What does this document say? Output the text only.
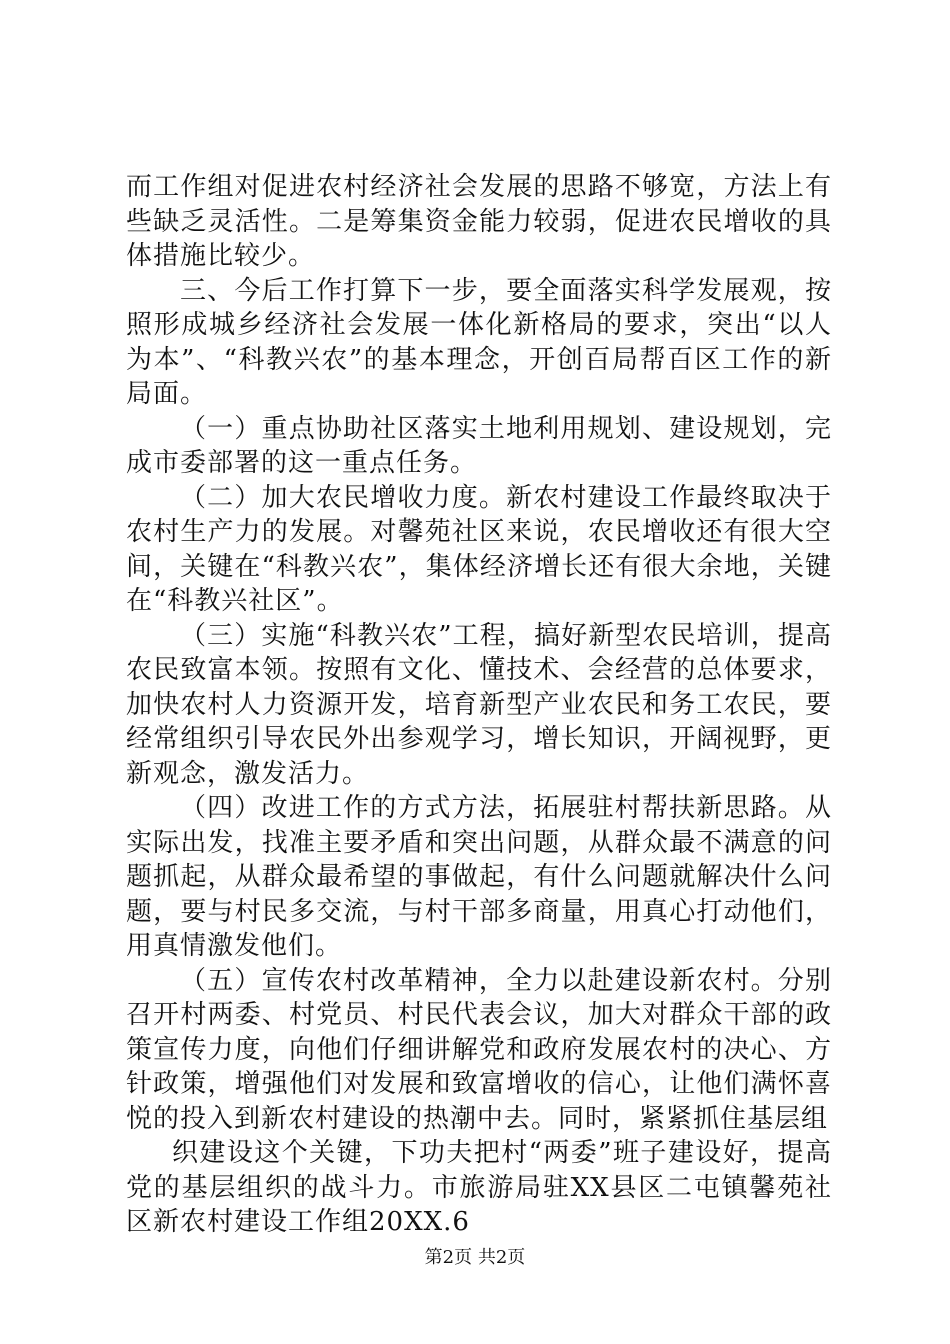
而工作组对促进农村经济社会发展的思路不够宽，方法上有些缺乏灵活性。二是筹集资金能力较弱，促进农民增收的具体措施比较少。

三、今后工作打算下一步，要全面落实科学发展观，按照形成城乡经济社会发展一体化新格局的要求，突出“以人为本”、“科教兴农”的基本理念，开创百局帮百区工作的新局面。

（一）重点协助社区落实土地利用规划、建设规划，完成市委部署的这一重点任务。

（二）加大农民增收力度。新农村建设工作最终取决于农村生产力的发展。对馨苑社区来说，农民增收还有很大空间，关键在“科教兴农”，集体经济增长还有很大余地，关键在“科教兴社区”。

（三）实施“科教兴农”工程，搞好新型农民培训，提高农民致富本领。按照有文化、懂技术、会经营的总体要求，加快农村人力资源开发，培育新型产业农民和务工农民，要经常组织引导农民外出参观学习，增长知识，开阔视野，更新观念，激发活力。

（四）改进工作的方式方法，拓展驻村帮扶新思路。从实际出发，找准主要矛盾和突出问题，从群众最不满意的问题抓起，从群众最希望的事做起，有什么问题就解决什么问题，要与村民多交流，与村干部多商量，用真心打动他们，用真情激发他们。

（五）宣传农村改革精神，全力以赴建设新农村。分别召开村两委、村党员、村民代表会议，加大对群众干部的政策宣传力度，向他们仔细讲解党和政府发展农村的决心、方针政策，增强他们对发展和致富增收的信心，让他们满怀喜悦的投入到新农村建设的热潮中去。同时，紧紧抓住基层组

织建设这个关键，下功夫把村“两委”班子建设好，提高党的基层组织的战斗力。市旅游局驻XX县区二屯镇馨苑社区新农村建设工作组20XX.6

第2页 共2页
